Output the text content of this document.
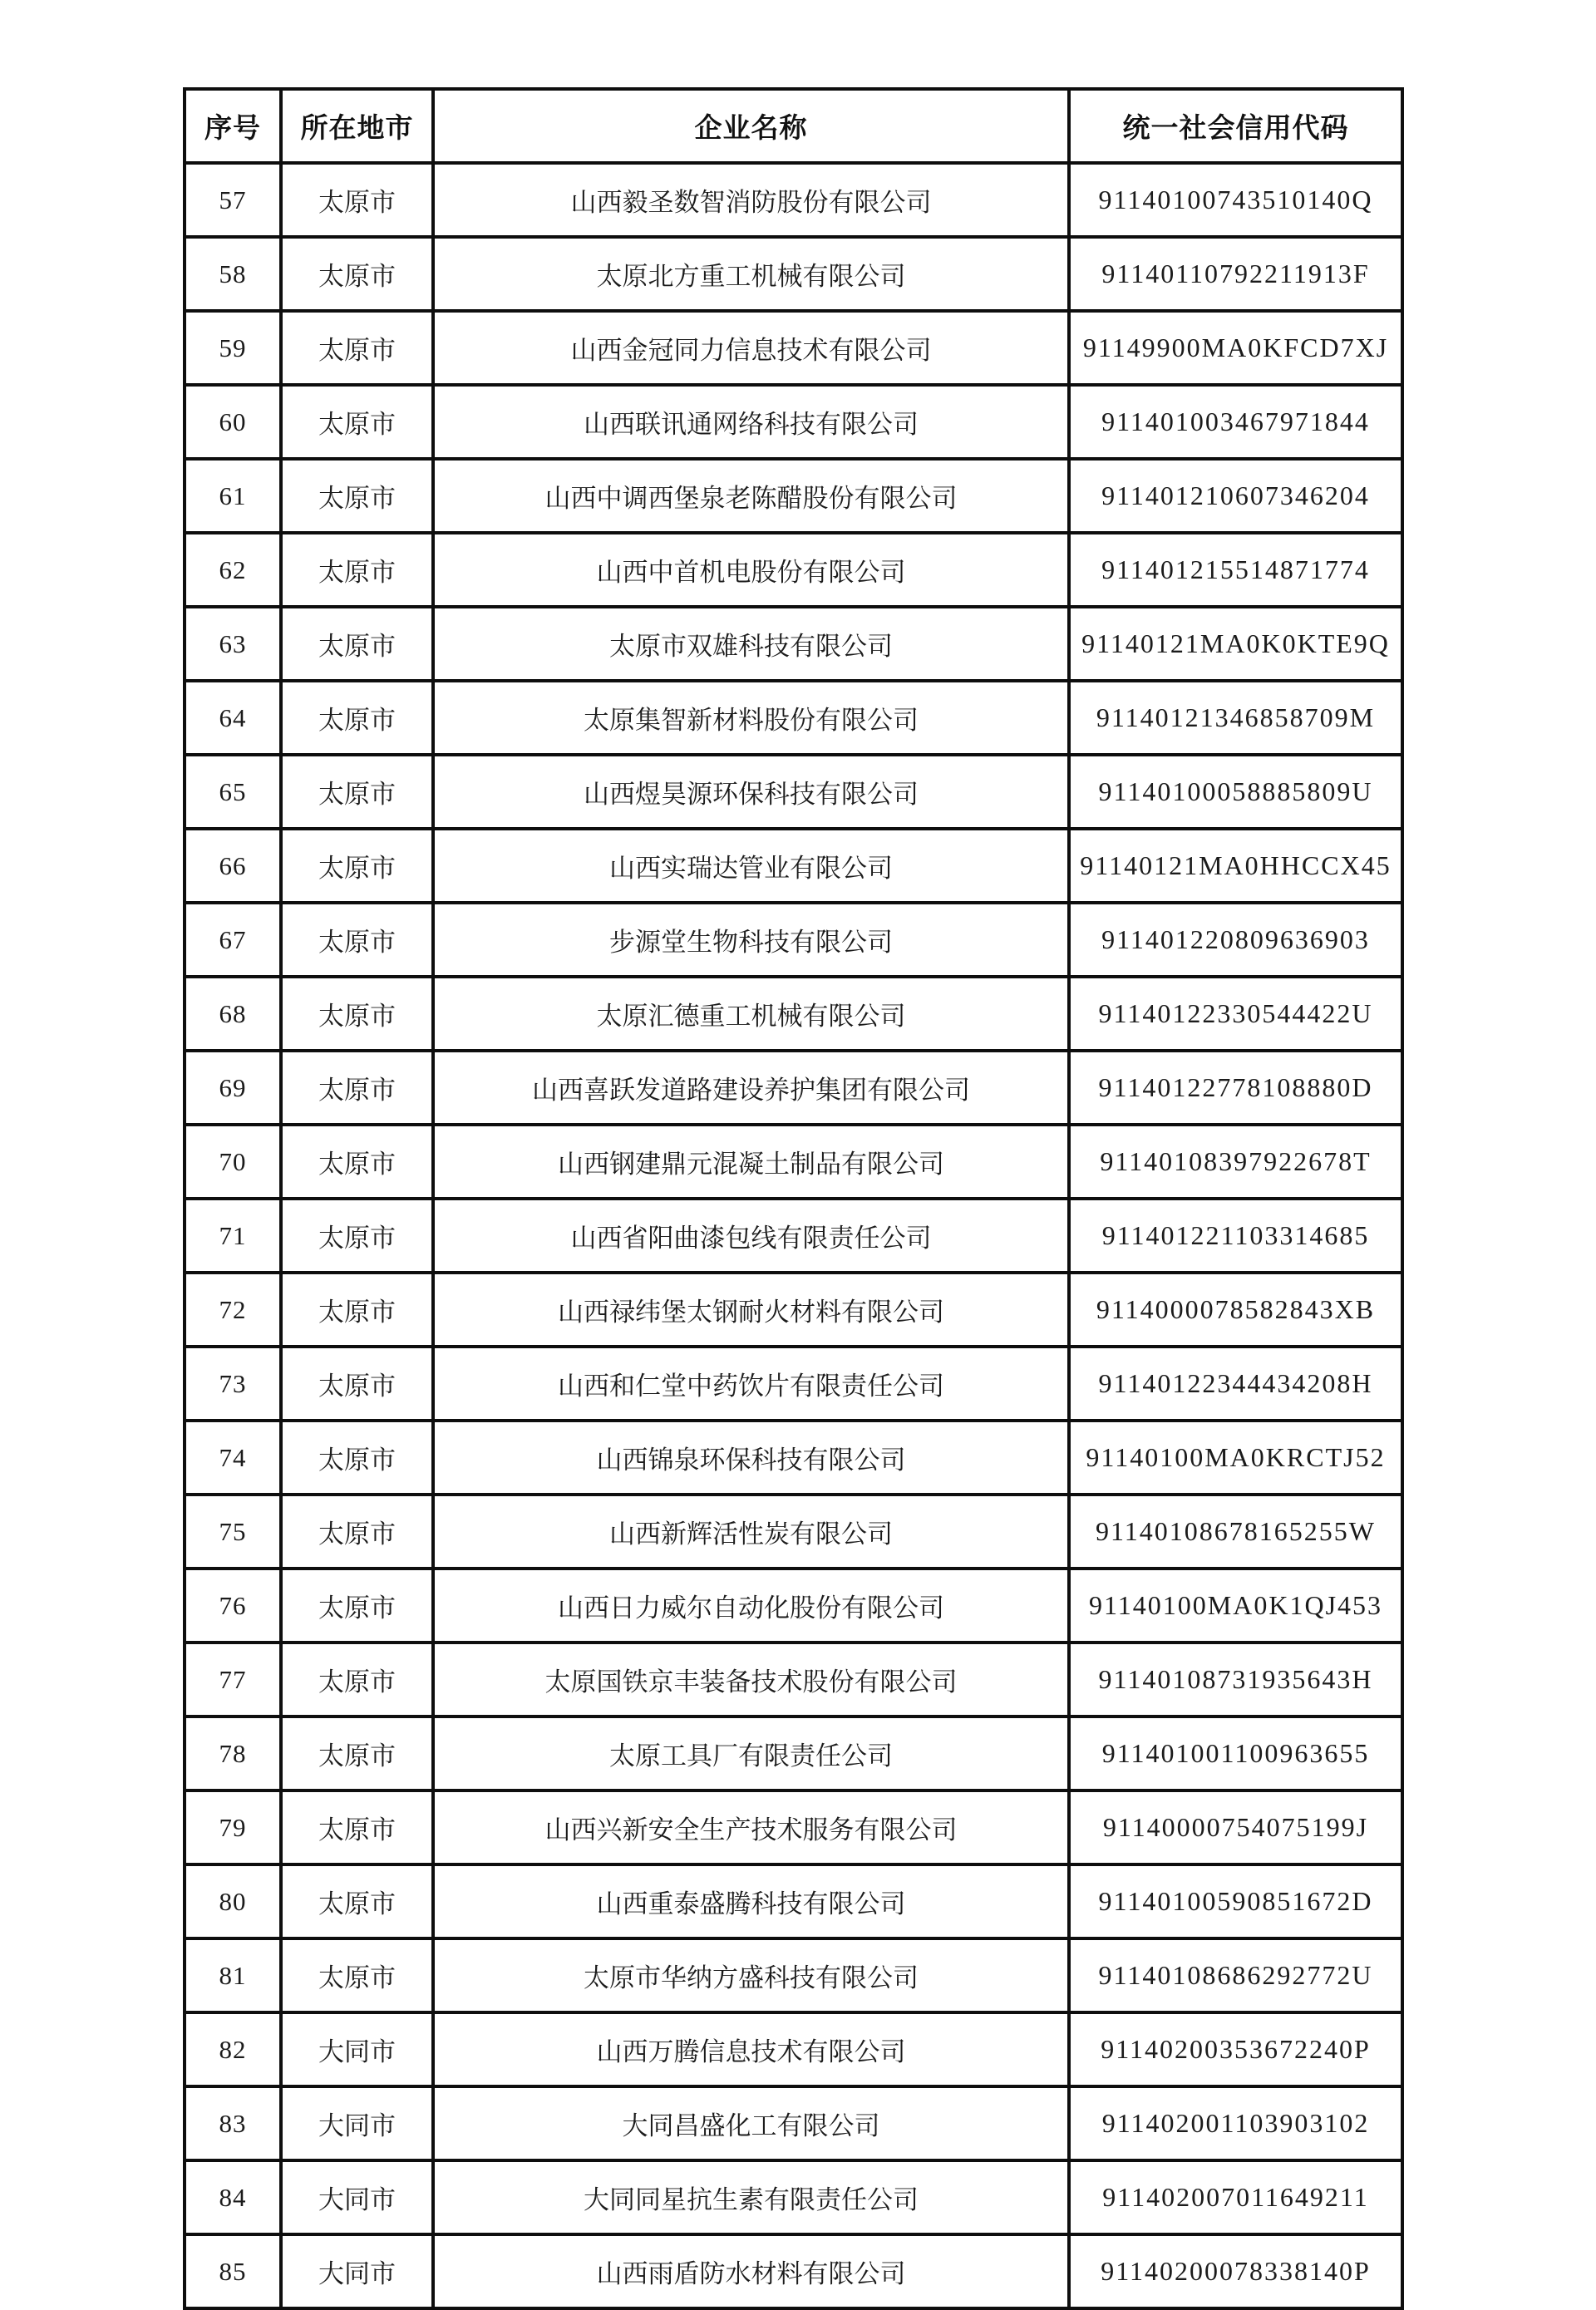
序号	所在地市	企业名称	统一社会信用代码
57	太原市	山西毅圣数智消防股份有限公司	91140100743510140Q
58	太原市	太原北方重工机械有限公司	91140110792211913F
59	太原市	山西金冠同力信息技术有限公司	91149900MA0KFCD7XJ
60	太原市	山西联讯通网络科技有限公司	911401003467971844
61	太原市	山西中调西堡泉老陈醋股份有限公司	911401210607346204
62	太原市	山西中首机电股份有限公司	911401215514871774
63	太原市	太原市双雄科技有限公司	91140121MA0K0KTE9Q
64	太原市	太原集智新材料股份有限公司	91140121346858709M
65	太原市	山西煜昊源环保科技有限公司	91140100058885809U
66	太原市	山西实瑞达管业有限公司	91140121MA0HHCCX45
67	太原市	步源堂生物科技有限公司	911401220809636903
68	太原市	太原汇德重工机械有限公司	91140122330544422U
69	太原市	山西喜跃发道路建设养护集团有限公司	91140122778108880D
70	太原市	山西钢建鼎元混凝土制品有限公司	91140108397922678T
71	太原市	山西省阳曲漆包线有限责任公司	911401221103314685
72	太原市	山西禄纬堡太钢耐火材料有限公司	9114000078582843XB
73	太原市	山西和仁堂中药饮片有限责任公司	91140122344434208H
74	太原市	山西锦泉环保科技有限公司	91140100MA0KRCTJ52
75	太原市	山西新辉活性炭有限公司	91140108678165255W
76	太原市	山西日力威尔自动化股份有限公司	91140100MA0K1QJ453
77	太原市	太原国铁京丰装备技术股份有限公司	91140108731935643H
78	太原市	太原工具厂有限责任公司	911401001100963655
79	太原市	山西兴新安全生产技术服务有限公司	91140000754075199J
80	太原市	山西重泰盛腾科技有限公司	91140100590851672D
81	太原市	太原市华纳方盛科技有限公司	91140108686292772U
82	大同市	山西万腾信息技术有限公司	91140200353672240P
83	大同市	大同昌盛化工有限公司	911402001103903102
84	大同市	大同同星抗生素有限责任公司	911402007011649211
85	大同市	山西雨盾防水材料有限公司	91140200078338140P
